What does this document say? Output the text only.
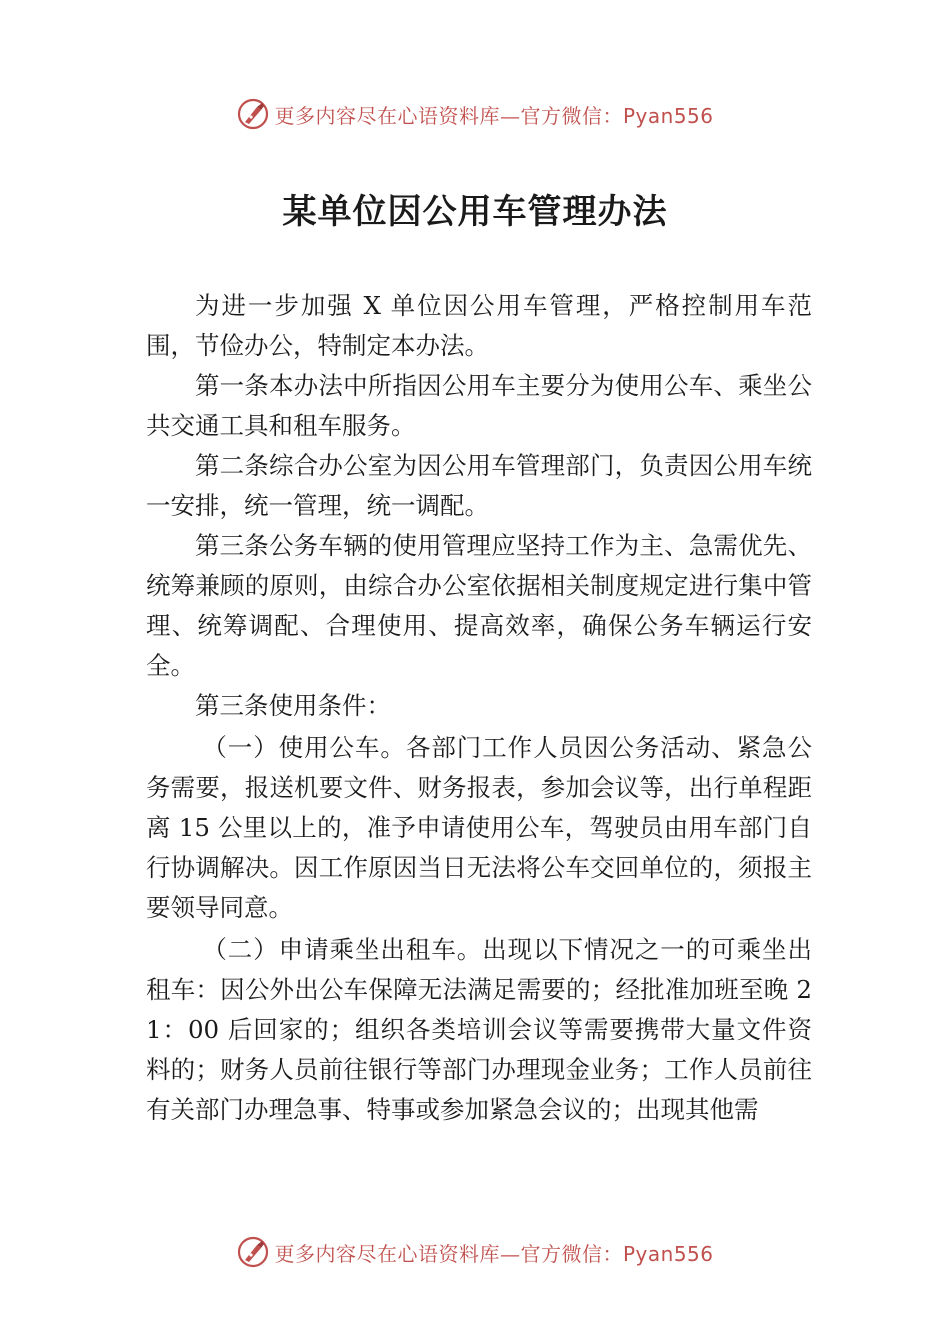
更多内容尽在心语资料库—官方微信：Pyan556
某单位因公用车管理办法

为进一步加强 X 单位因公用车管理，严格控制用车范围，节俭办公，特制定本办法。

第一条本办法中所指因公用车主要分为使用公车、乘坐公共交通工具和租车服务。

第二条综合办公室为因公用车管理部门，负责因公用车统一安排，统一管理，统一调配。

第三条公务车辆的使用管理应坚持工作为主、急需优先、统筹兼顾的原则，由综合办公室依据相关制度规定进行集中管理、统筹调配、合理使用、提高效率，确保公务车辆运行安全。

第三条使用条件：

（一）使用公车。各部门工作人员因公务活动、紧急公务需要，报送机要文件、财务报表，参加会议等，出行单程距离 15 公里以上的，准予申请使用公车，驾驶员由用车部门自行协调解决。因工作原因当日无法将公车交回单位的，须报主要领导同意。

（二）申请乘坐出租车。出现以下情况之一的可乘坐出租车：因公外出公车保障无法满足需要的；经批准加班至晚 21：00 后回家的；组织各类培训会议等需要携带大量文件资料的；财务人员前往银行等部门办理现金业务；工作人员前往有关部门办理急事、特事或参加紧急会议的；出现其他需

更多内容尽在心语资料库—官方微信：Pyan556
